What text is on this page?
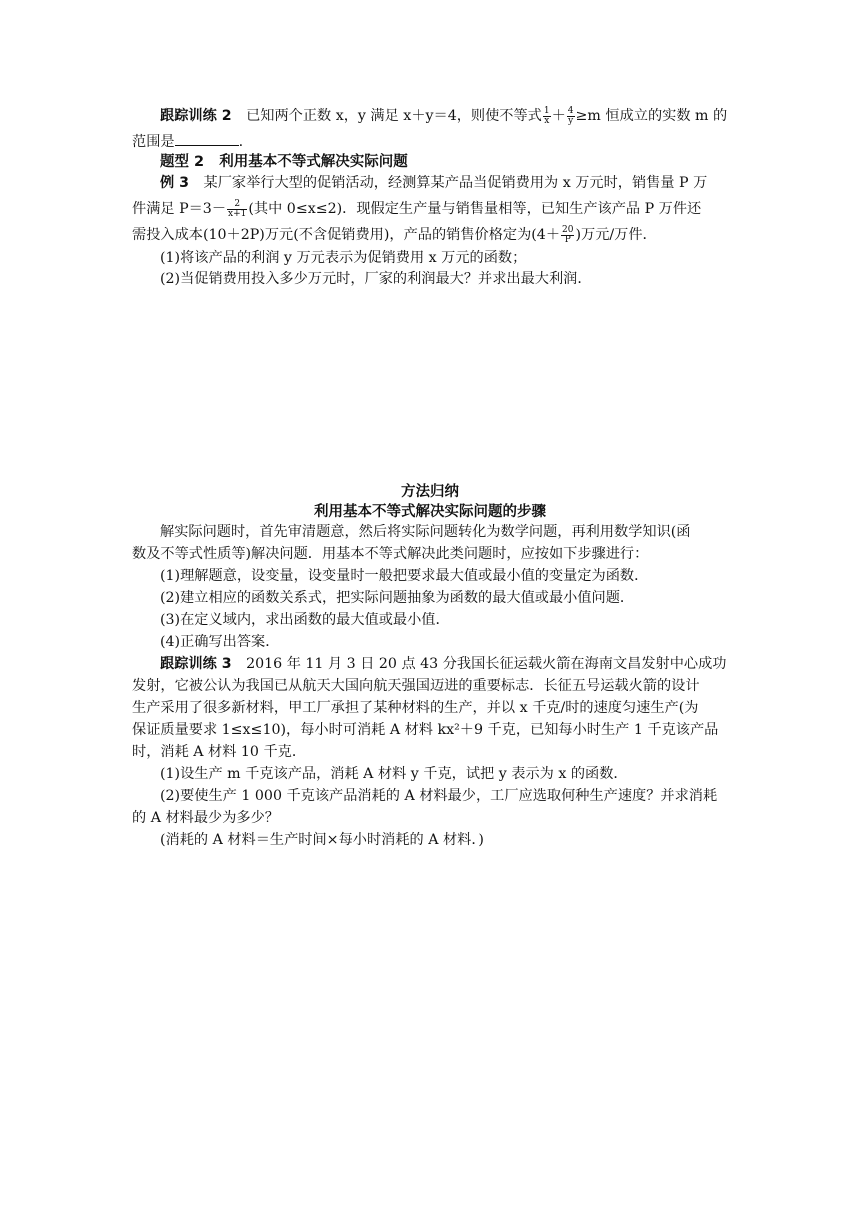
跟踪训练 2 已知两个正数 x，y 满足 x＋y＝4，则使不等式 $\frac{1}{x} + \frac{4}{y} \ge m$ 恒成立的实数 m 的
范围是	.
题型 2 利用基本不等式解决实际问题
例 3 某厂家举行大型的促销活动，经测算某产品当促销费用为 x 万元时，销售量 P 万
件满足 $P=3- \frac{2}{x+1}$ (其中 0≤x≤2)．现假定生产量与销售量相等，已知生产该产品 P 万件还
需投入成本(10＋2P)万元(不含促销费用)，产品的销售价格定为($4+ \frac{20}{P}$ )万元/万件．
(1)将该产品的利润 y 万元表示为促销费用 x 万元的函数；
(2)当促销费用投入多少万元时，厂家的利润最大？并求出最大利润．
方法归纳
利用基本不等式解决实际问题的步骤
解实际问题时，首先审清题意，然后将实际问题转化为数学问题，再利用数学知识(函
数及不等式性质等)解决问题．用基本不等式解决此类问题时，应按如下步骤进行：
(1)理解题意，设变量，设变量时一般把要求最大值或最小值的变量定为函数．
(2)建立相应的函数关系式，把实际问题抽象为函数的最大值或最小值问题．
(3)在定义域内，求出函数的最大值或最小值．
(4)正确写出答案．
跟踪训练 3 2016 年 11 月 3 日 20 点 43 分我国长征运载火箭在海南文昌发射中心成功
发射，它被公认为我国已从航天大国向航天强国迈进的重要标志．长征五号运载火箭的设计
生产采用了很多新材料，甲工厂承担了某种材料的生产，并以 x 千克/时的速度匀速生产(为
保证质量要求 1≤x≤10)，每小时可消耗 A 材料 kx²＋9 千克，已知每小时生产 1 千克该产品
时，消耗 A 材料 10 千克．
(1)设生产 m 千克该产品，消耗 A 材料 y 千克，试把 y 表示为 x 的函数．
(2)要使生产 1 000 千克该产品消耗的 A 材料最少，工厂应选取何种生产速度？并求消耗
的 A 材料最少为多少？
(消耗的 A 材料＝生产时间×每小时消耗的 A 材料．)
